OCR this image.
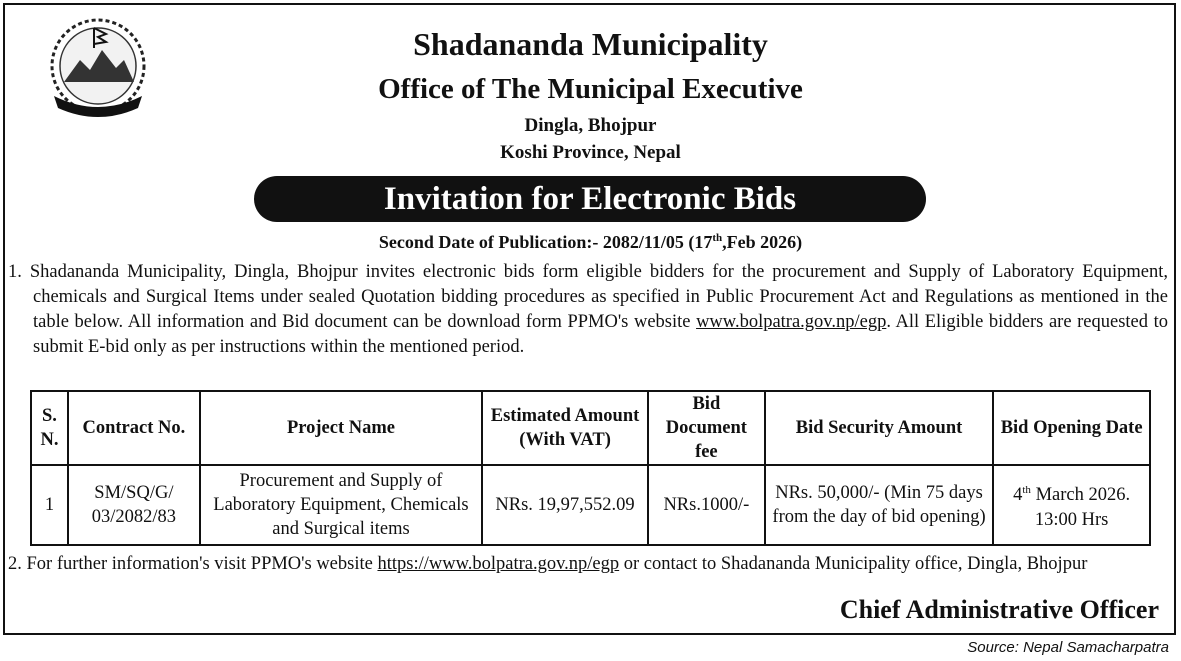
Shadananda Municipality
Office of The Municipal Executive
Dingla, Bhojpur
Koshi Province, Nepal
Invitation for Electronic Bids
Second Date of Publication:- 2082/11/05 (17th,Feb 2026)
1. Shadananda Municipality, Dingla, Bhojpur invites electronic bids form eligible bidders for the procurement and Supply of Laboratory Equipment, chemicals and Surgical Items under sealed Quotation bidding procedures as specified in Public Procurement Act and Regulations as mentioned in the table below. All information and Bid document can be download form PPMO's website www.bolpatra.gov.np/egp. All Eligible bidders are requested to submit E-bid only as per instructions within the mentioned period.
S. N.	Contract No.	Project Name	Estimated Amount (With VAT)	Bid Document fee	Bid Security Amount	Bid Opening Date
1	SM/SQ/G/ 03/2082/83	Procurement and Supply of Laboratory Equipment, Chemicals and Surgical items	NRs. 19,97,552.09	NRs.1000/-	NRs. 50,000/- (Min 75 days from the day of bid opening)	4th March 2026.
13:00 Hrs
2. For further information's visit PPMO's website https://www.bolpatra.gov.np/egp or contact to Shadananda Municipality office, Dingla, Bhojpur
Chief Administrative Officer
Source: Nepal Samacharpatra
